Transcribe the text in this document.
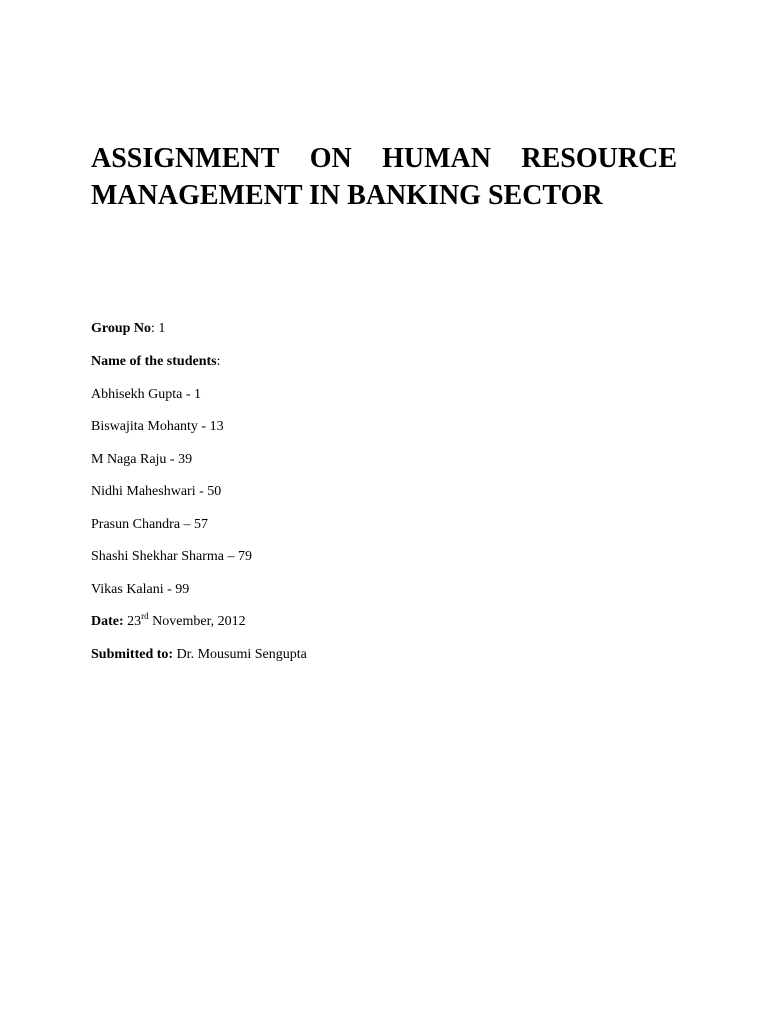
ASSIGNMENT ON HUMAN RESOURCE
MANAGEMENT IN BANKING SECTOR
Group No: 1
Name of the students:
Abhisekh Gupta - 1
Biswajita Mohanty - 13
M Naga Raju - 39
Nidhi Maheshwari - 50
Prasun Chandra – 57
Shashi Shekhar Sharma – 79
Vikas Kalani - 99
Date: 23rd November, 2012
Submitted to: Dr. Mousumi Sengupta
